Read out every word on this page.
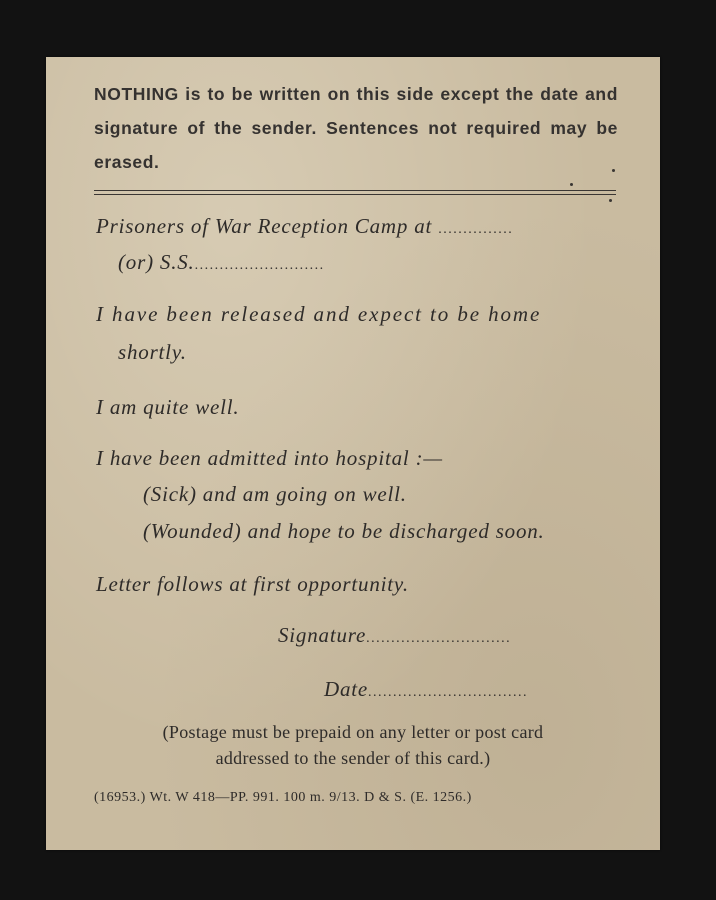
NOTHING is to be written on this side except the date and signature of the sender. Sentences not required may be erased.
Prisoners of War Reception Camp at ...............
(or) S.S...........................
I have been released and expect to be home
shortly.
I am quite well.
I have been admitted into hospital :—
(Sick) and am going on well.
(Wounded) and hope to be discharged soon.
Letter follows at first opportunity.
Signature.............................
Date................................
(Postage must be prepaid on any letter or post card
addressed to the sender of this card.)
(16953.) Wt. W 418—PP. 991. 100 m. 9/13. D & S. (E. 1256.)
